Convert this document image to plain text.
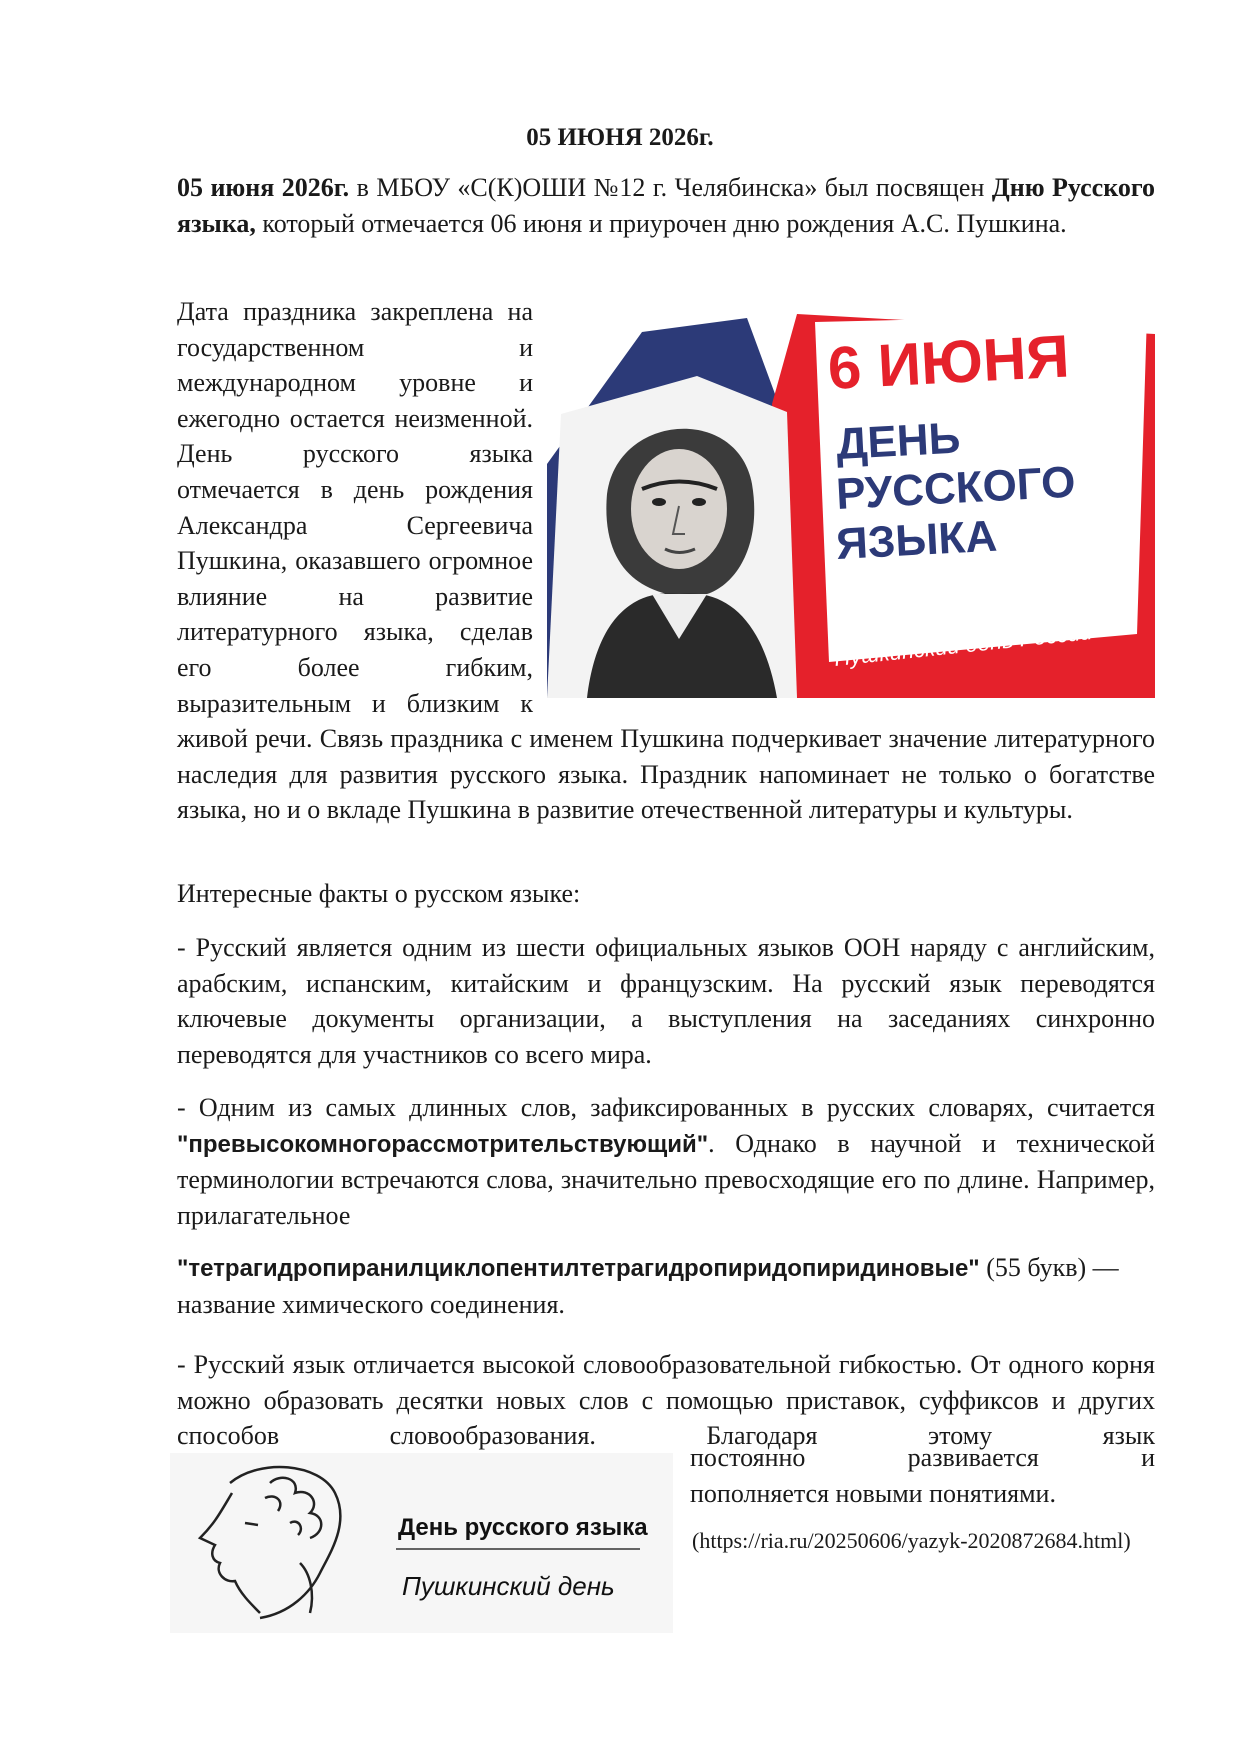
05 ИЮНЯ 2026г.

05 июня 2026г. в МБОУ «С(К)ОШИ №12 г. Челябинска» был посвящен Дню Русского языка, который отмечается 06 июня и приурочен дню рождения А.С. Пушкина.

6 ИЮНЯ
ДЕНЬ
РУССКОГО
ЯЗЫКА
Пушкинский день России

Дата праздника закреплена на государственном и международном уровне и ежегодно остается неизменной. День русского языка отмечается в день рождения Александра Сергеевича Пушкина, оказавшего огромное влияние на развитие литературного языка, сделав его более гибким, выразительным и близким к живой речи. Связь праздника с именем Пушкина подчеркивает значение литературного наследия для развития русского языка. Праздник напоминает не только о богатстве языка, но и о вкладе Пушкина в развитие отечественной литературы и культуры.

Интересные факты о русском языке:

- Русский является одним из шести официальных языков ООН наряду с английским, арабским, испанским, китайским и французским. На русский язык переводятся ключевые документы организации, а выступления на заседаниях синхронно переводятся для участников со всего мира.

- Одним из самых длинных слов, зафиксированных в русских словарях, считается "превысокомногорассмотрительствующий". Однако в научной и технической терминологии встречаются слова, значительно превосходящие его по длине. Например, прилагательное

"тетрагидропиранилциклопентилтетрагидропиридопиридиновые" (55 букв) — название химического соединения.

- Русский язык отличается высокой словообразовательной гибкостью. От одного корня можно образовать десятки новых слов с помощью приставок, суффиксов и других способов словообразования. Благодаря этому язык

постоянно развивается и

пополняется новыми понятиями.

(https://ria.ru/20250606/yazyk-2020872684.html)
День русского языка
Пушкинский день
